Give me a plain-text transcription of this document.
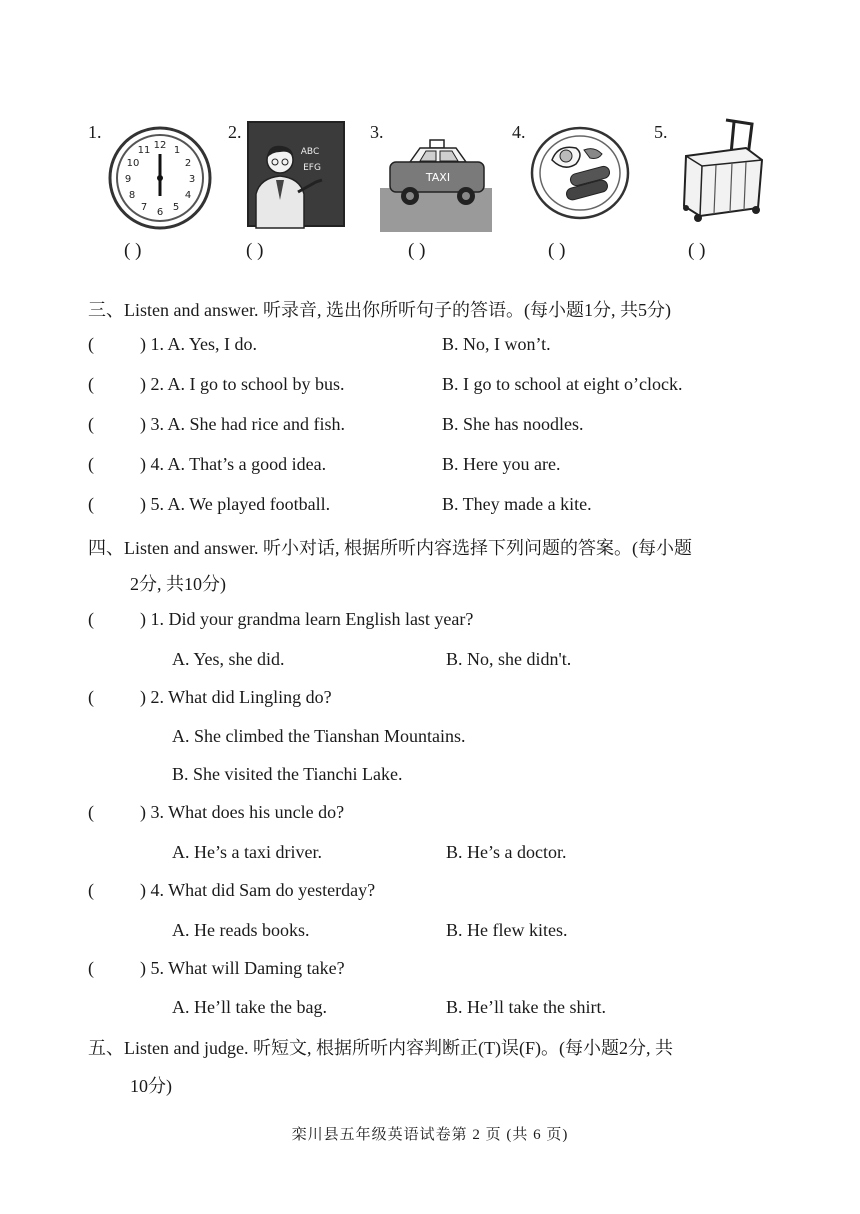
1.
12 1
2
3
4
5
6
7
8
9
10
11
( )
2.
ABC
EFG
( )
3.
TAXI
( )
4.
( )
5.
( )
三、Listen and answer. 听录音, 选出你所听句子的答语。(每小题1分, 共5分)
(	) 1. A. Yes, I do.	B. No, I won’t.
(	) 2. A. I go to school by bus.	B. I go to school at eight o’clock.
(	) 3. A. She had rice and fish.	B. She has noodles.
(	) 4. A. That’s a good idea.	B. Here you are.
(	) 5. A. We played football.	B. They made a kite.
四、Listen and answer. 听小对话, 根据所听内容选择下列问题的答案。(每小题
2分, 共10分)
(	) 1. Did your grandma learn English last year?
A. Yes, she did.	B. No, she didn't.
(	) 2. What did Lingling do?
A. She climbed the Tianshan Mountains.
B. She visited the Tianchi Lake.
(	) 3. What does his uncle do?
A. He’s a taxi driver.	B. He’s a doctor.
(	) 4. What did Sam do yesterday?
A. He reads books.	B. He flew kites.
(	) 5. What will Daming take?
A. He’ll take the bag.	B. He’ll take the shirt.
五、Listen and judge. 听短文, 根据所听内容判断正(T)误(F)。(每小题2分, 共
10分)
栾川县五年级英语试卷第 2 页 (共 6 页)
